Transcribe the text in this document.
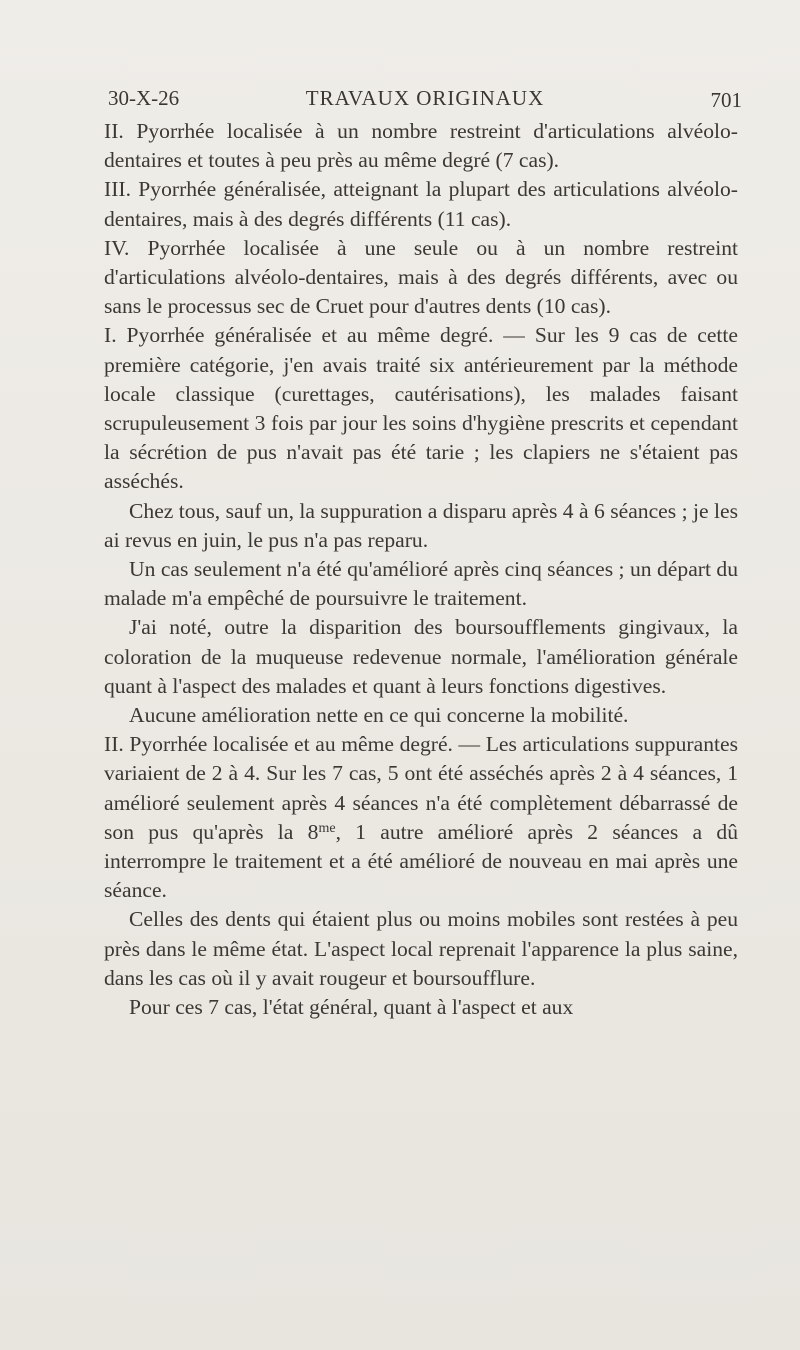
30-X-26	TRAVAUX ORIGINAUX	701

II. Pyorrhée localisée à un nombre restreint d'articulations alvéolo-dentaires et toutes à peu près au même degré (7 cas).

III. Pyorrhée généralisée, atteignant la plupart des articulations alvéolo-dentaires, mais à des degrés différents (11 cas).

IV. Pyorrhée localisée à une seule ou à un nombre restreint d'articulations alvéolo-dentaires, mais à des degrés différents, avec ou sans le processus sec de Cruet pour d'autres dents (10 cas).

I. Pyorrhée généralisée et au même degré. — Sur les 9 cas de cette première catégorie, j'en avais traité six antérieurement par la méthode locale classique (curettages, cautérisations), les malades faisant scrupuleusement 3 fois par jour les soins d'hygiène prescrits et cependant la sécrétion de pus n'avait pas été tarie ; les clapiers ne s'étaient pas asséchés.

Chez tous, sauf un, la suppuration a disparu après 4 à 6 séances ; je les ai revus en juin, le pus n'a pas reparu.

Un cas seulement n'a été qu'amélioré après cinq séances ; un départ du malade m'a empêché de poursuivre le traitement.

J'ai noté, outre la disparition des boursoufflements gingivaux, la coloration de la muqueuse redevenue normale, l'amélioration générale quant à l'aspect des malades et quant à leurs fonctions digestives.

Aucune amélioration nette en ce qui concerne la mobilité.

II. Pyorrhée localisée et au même degré. — Les articulations suppurantes variaient de 2 à 4. Sur les 7 cas, 5 ont été asséchés après 2 à 4 séances, 1 amélioré seulement après 4 séances n'a été complètement débarrassé de son pus qu'après la $8^{me}$, 1 autre amélioré après 2 séances a dû interrompre le traitement et a été amélioré de nouveau en mai après une séance.

Celles des dents qui étaient plus ou moins mobiles sont restées à peu près dans le même état. L'aspect local reprenait l'apparence la plus saine, dans les cas où il y avait rougeur et boursoufflure.

Pour ces 7 cas, l'état général, quant à l'aspect et aux
